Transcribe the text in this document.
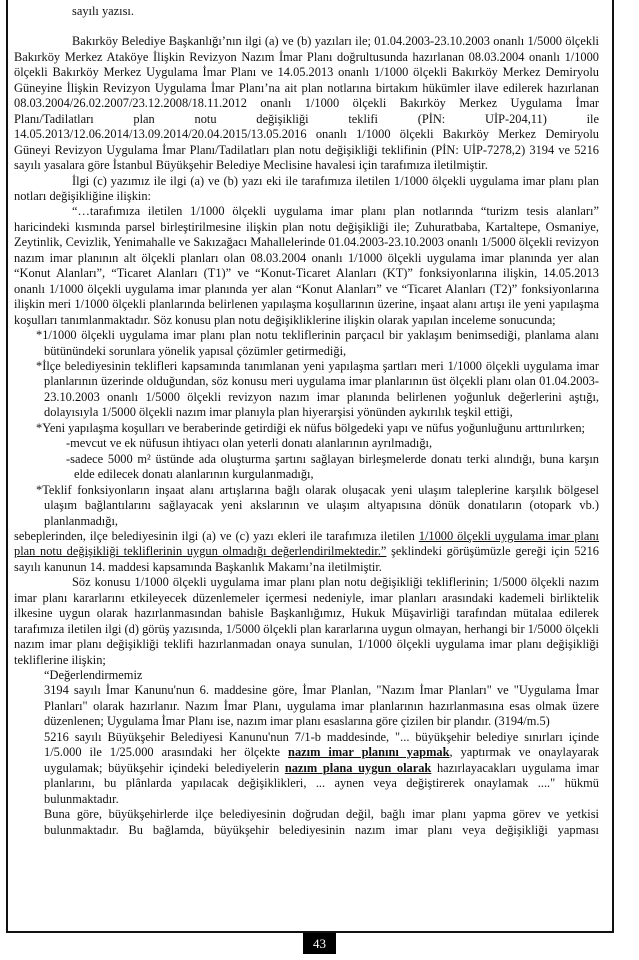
sayılı yazısı.

Bakırköy Belediye Başkanlığı’nın ilgi (a) ve (b) yazıları ile; 01.04.2003-23.10.2003 onanlı 1/5000 ölçekli Bakırköy Merkez Ataköye İlişkin Revizyon Nazım İmar Planı doğrultusunda hazırlanan 08.03.2004 onanlı 1/1000 ölçekli Bakırköy Merkez Uygulama İmar Planı ve 14.05.2013 onanlı 1/1000 ölçekli Bakırköy Merkez Demiryolu Güneyine İlişkin Revizyon Uygulama İmar Planı’na ait plan notlarına birtakım hükümler ilave edilerek hazırlanan 08.03.2004/26.02.2007/23.12.2008/18.11.2012 onanlı 1/1000 ölçekli Bakırköy Merkez Uygulama İmar Planı/Tadilatları plan notu değişikliği teklifi (PİN: UİP-204,11) ile 14.05.2013/12.06.2014/13.09.2014/20.04.2015/13.05.2016 onanlı 1/1000 ölçekli Bakırköy Merkez Demiryolu Güneyi Revizyon Uygulama İmar Planı/Tadilatları plan notu değişikliği teklifinin (PİN: UİP-7278,2) 3194 ve 5216 sayılı yasalara göre İstanbul Büyükşehir Belediye Meclisine havalesi için tarafımıza iletilmiştir.

İlgi (c) yazımız ile ilgi (a) ve (b) yazı eki ile tarafımıza iletilen 1/1000 ölçekli uygulama imar planı plan notları değişikliğine ilişkin:

“…tarafımıza iletilen 1/1000 ölçekli uygulama imar planı plan notlarında “turizm tesis alanları” haricindeki kısmında parsel birleştirilmesine ilişkin plan notu değişikliği ile; Zuhuratbaba, Kartaltepe, Osmaniye, Zeytinlik, Cevizlik, Yenimahalle ve Sakızağacı Mahallelerinde 01.04.2003-23.10.2003 onanlı 1/5000 ölçekli revizyon nazım imar planının alt ölçekli planları olan 08.03.2004 onanlı 1/1000 ölçekli uygulama imar planında yer alan “Konut Alanları”, “Ticaret Alanları (T1)” ve “Konut-Ticaret Alanları (KT)” fonksiyonlarına ilişkin, 14.05.2013 onanlı 1/1000 ölçekli uygulama imar planında yer alan “Konut Alanları” ve “Ticaret Alanları (T2)” fonksiyonlarına ilişkin meri 1/1000 ölçekli planlarında belirlenen yapılaşma koşullarının üzerine, inşaat alanı artışı ile yeni yapılaşma koşulları tanımlanmaktadır. Söz konusu plan notu değişikliklerine ilişkin olarak yapılan inceleme sonucunda;

*1/1000 ölçekli uygulama imar planı plan notu tekliflerinin parçacıl bir yaklaşım benimsediği, planlama alanı bütünündeki sorunlara yönelik yapısal çözümler getirmediği,

*İlçe belediyesinin teklifleri kapsamında tanımlanan yeni yapılaşma şartları meri 1/1000 ölçekli uygulama imar planlarının üzerinde olduğundan, söz konusu meri uygulama imar planlarının üst ölçekli planı olan 01.04.2003-23.10.2003 onanlı 1/5000 ölçekli revizyon nazım imar planında belirlenen yoğunluk değerlerini aştığı, dolayısıyla 1/5000 ölçekli nazım imar planıyla plan hiyerarşisi yönünden aykırılık teşkil ettiği,

*Yeni yapılaşma koşulları ve beraberinde getirdiği ek nüfus bölgedeki yapı ve nüfus yoğunluğunu arttırılırken;

-mevcut ve ek nüfusun ihtiyacı olan yeterli donatı alanlarının ayrılmadığı,

-sadece 5000 m² üstünde ada oluşturma şartını sağlayan birleşmelerde donatı terki alındığı, buna karşın elde edilecek donatı alanlarının kurgulanmadığı,

*Teklif fonksiyonların inşaat alanı artışlarına bağlı olarak oluşacak yeni ulaşım taleplerine karşılık bölgesel ulaşım bağlantılarını sağlayacak yeni akslarının ve ulaşım altyapısına dönük donatıların (otopark vb.) planlanmadığı,

sebeplerinden, ilçe belediyesinin ilgi (a) ve (c) yazı ekleri ile tarafımıza iletilen 1/1000 ölçekli uygulama imar planı plan notu değişikliği tekliflerinin uygun olmadığı değerlendirilmektedir.” şeklindeki görüşümüzle gereği için 5216 sayılı kanunun 14. maddesi kapsamında Başkanlık Makamı’na iletilmiştir.

Söz konusu 1/1000 ölçekli uygulama imar planı plan notu değişikliği tekliflerinin; 1/5000 ölçekli nazım imar planı kararlarını etkileyecek düzenlemeler içermesi nedeniyle, imar planları arasındaki kademeli birliktelik ilkesine uygun olarak hazırlanmasından bahisle Başkanlığımız, Hukuk Müşavirliği tarafından mütalaa edilerek tarafımıza iletilen ilgi (d) görüş yazısında, 1/5000 ölçekli plan kararlarına uygun olmayan, herhangi bir 1/5000 ölçekli nazım imar planı değişikliği teklifi hazırlanmadan onaya sunulan, 1/1000 ölçekli uygulama imar planı değişikliği tekliflerine ilişkin;

“Değerlendirmemiz

3194 sayılı İmar Kanunu'nun 6. maddesine göre, İmar Planlan, "Nazım İmar Planları" ve "Uygulama İmar Planları" olarak hazırlanır. Nazım İmar Planı, uygulama imar planlarının hazırlanmasına esas olmak üzere düzenlenen; Uygulama İmar Planı ise, nazım imar planı esaslarına göre çizilen bir plandır. (3194/m.5)

5216 sayılı Büyükşehir Belediyesi Kanunu'nun 7/1-b maddesinde, "... büyükşehir belediye sınırları içinde 1/5.000 ile 1/25.000 arasındaki her ölçekte nazım imar planını yapmak, yaptırmak ve onaylayarak uygulamak; büyükşehir içindeki belediyelerin nazım plana uygun olarak hazırlayacakları uygulama imar planlarını, bu plânlarda yapılacak değişiklikleri, ... aynen veya değiştirerek onaylamak ...." hükmü bulunmaktadır.

Buna göre, büyükşehirlerde ilçe belediyesinin doğrudan değil, bağlı imar planı yapma görev ve yetkisi bulunmaktadır. Bu bağlamda, büyükşehir belediyesinin nazım imar planı veya değişikliği yapması

43
